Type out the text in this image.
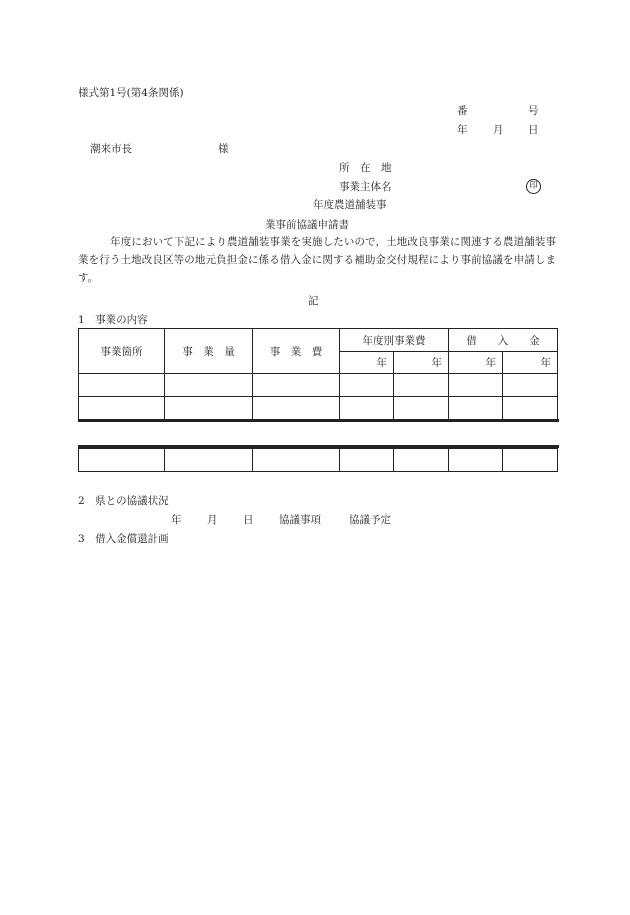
様式第1号(第4条関係)
番	号
年 月 日
潮来市長	様
所　在　地
事業主体名	印
年度農道舗装事
業事前協議申請書
年度において下記により農道舗装事業を実施したいので，土地改良事業に関連する農道舗装事業を行う土地改良区等の地元負担金に係る借入金に関する補助金交付規程により事前協議を申請します。
記
1　事業の内容
事業箇所	事　業　量	事　業　費	年度別事業費		借　　入　　金	
			年	年	年	年

2　県との協議状況
年 月 日 協議事項	協議予定
3　借入金償還計画
